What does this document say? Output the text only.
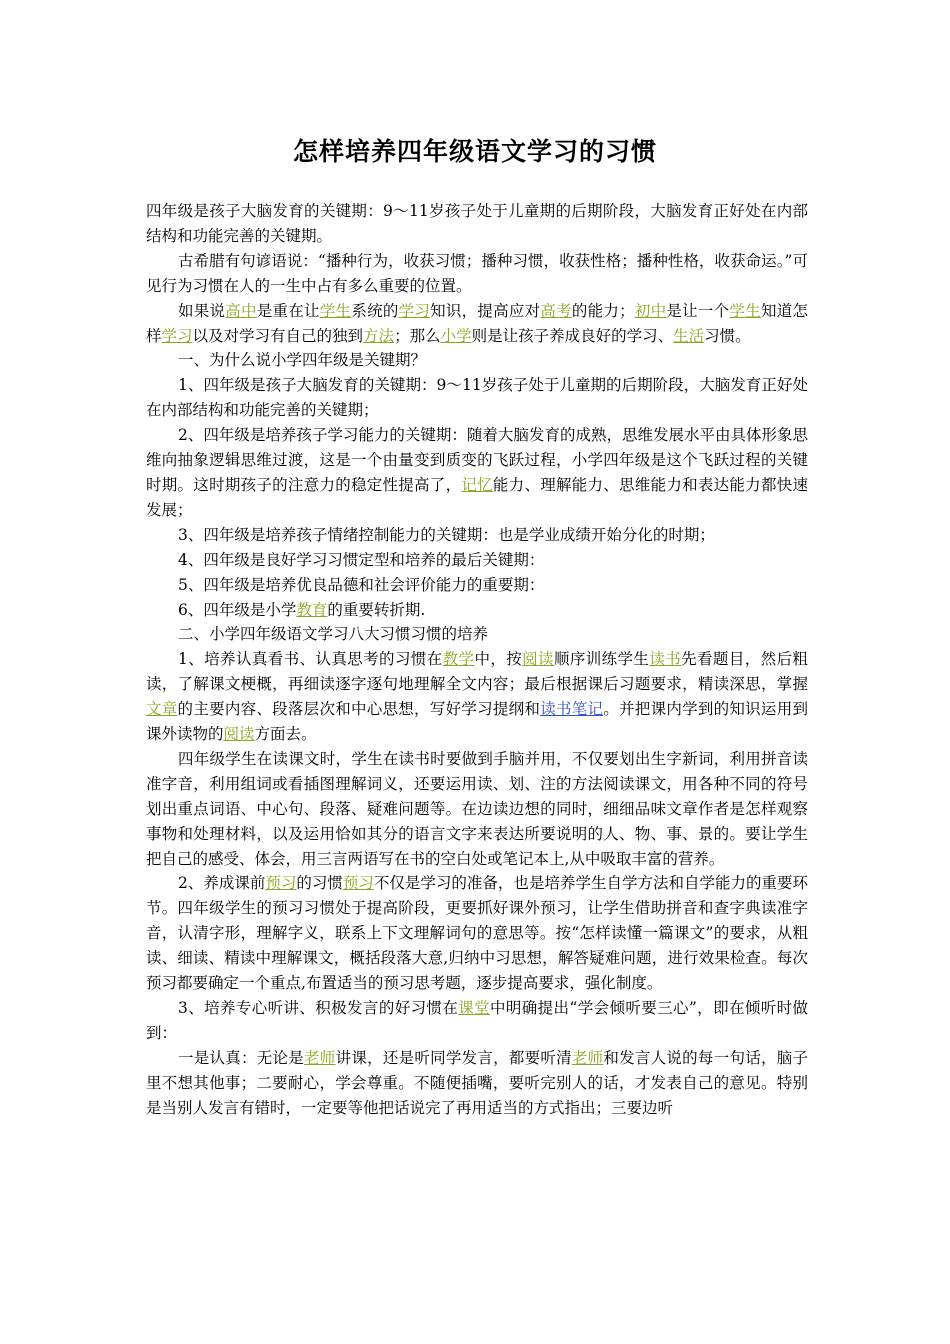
怎样培养四年级语文学习的习惯

四年级是孩子大脑发育的关键期：9～11岁孩子处于儿童期的后期阶段，大脑发育正好处在内部结构和功能完善的关键期。

古希腊有句谚语说：“播种行为，收获习惯；播种习惯，收获性格；播种性格，收获命运。”可见行为习惯在人的一生中占有多么重要的位置。

如果说高中是重在让学生系统的学习知识，提高应对高考的能力；初中是让一个学生知道怎样学习以及对学习有自己的独到方法；那么小学则是让孩子养成良好的学习、生活习惯。

一、为什么说小学四年级是关键期？

1、四年级是孩子大脑发育的关键期：9～11岁孩子处于儿童期的后期阶段，大脑发育正好处在内部结构和功能完善的关键期；

2、四年级是培养孩子学习能力的关键期：随着大脑发育的成熟，思维发展水平由具体形象思维向抽象逻辑思维过渡，这是一个由量变到质变的飞跃过程，小学四年级是这个飞跃过程的关键时期。这时期孩子的注意力的稳定性提高了，记忆能力、理解能力、思维能力和表达能力都快速发展；

3、四年级是培养孩子情绪控制能力的关键期：也是学业成绩开始分化的时期；

4、四年级是良好学习习惯定型和培养的最后关键期：

5、四年级是培养优良品德和社会评价能力的重要期：

6、四年级是小学教育的重要转折期.

二、小学四年级语文学习八大习惯习惯的培养

1、培养认真看书、认真思考的习惯在教学中，按阅读顺序训练学生读书先看题目，然后粗读，了解课文梗概，再细读逐字逐句地理解全文内容；最后根据课后习题要求，精读深思，掌握文章的主要内容、段落层次和中心思想，写好学习提纲和读书笔记。并把课内学到的知识运用到课外读物的阅读方面去。

四年级学生在读课文时，学生在读书时要做到手脑并用，不仅要划出生字新词，利用拼音读准字音，利用组词或看插图理解词义，还要运用读、划、注的方法阅读课文，用各种不同的符号划出重点词语、中心句、段落、疑难问题等。在边读边想的同时，细细品味文章作者是怎样观察事物和处理材料，以及运用恰如其分的语言文字来表达所要说明的人、物、事、景的。要让学生把自己的感受、体会，用三言两语写在书的空白处或笔记本上,从中吸取丰富的营养。

2、养成课前预习的习惯预习不仅是学习的准备，也是培养学生自学方法和自学能力的重要环节。四年级学生的预习习惯处于提高阶段，更要抓好课外预习，让学生借助拼音和查字典读准字音，认清字形，理解字义，联系上下文理解词句的意思等。按“怎样读懂一篇课文”的要求，从粗读、细读、精读中理解课文，概括段落大意,归纳中习思想，解答疑难问题，进行效果检查。每次预习都要确定一个重点,布置适当的预习思考题，逐步提高要求，强化制度。

3、培养专心听讲、积极发言的好习惯在课堂中明确提出“学会倾听要三心”，即在倾听时做到：

一是认真：无论是老师讲课，还是听同学发言，都要听清老师和发言人说的每一句话，脑子里不想其他事；二要耐心，学会尊重。不随便插嘴，要听完别人的话，才发表自己的意见。特别是当别人发言有错时，一定要等他把话说完了再用适当的方式指出；三要边听
